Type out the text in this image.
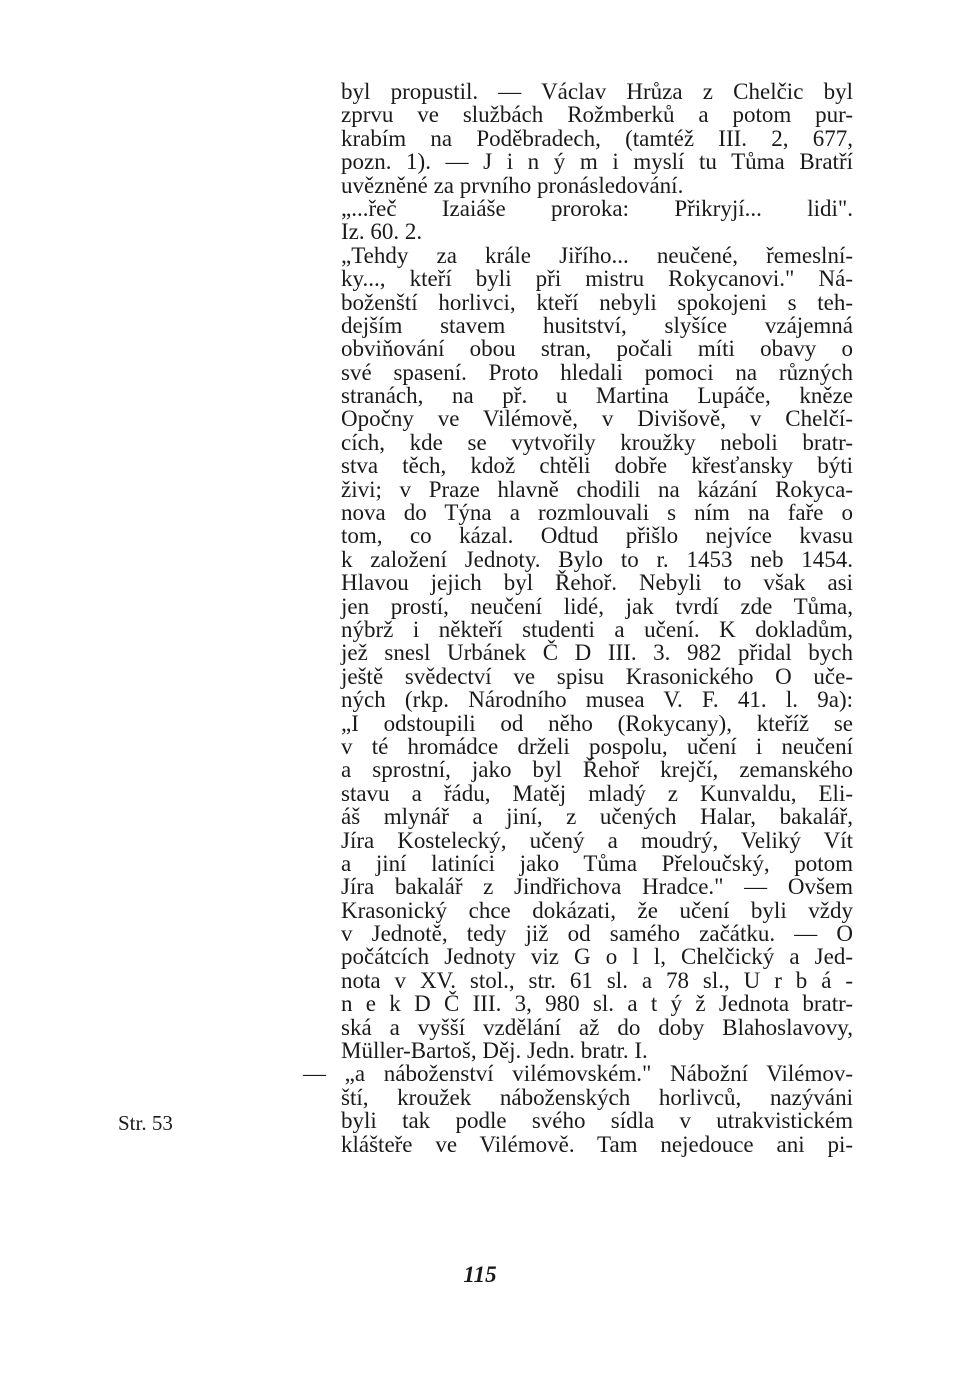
byl propustil. — Václav Hrůza z Chelčic byl
zprvu ve službách Rožmberků a potom pur-
krabím na Poděbradech, (tamtéž III. 2, 677,
pozn. 1). — J i n ý m i myslí tu Tůma Bratří
uvězněné za prvního pronásledování.
„...řeč Izaiáše proroka: Přikryjí... lidi".
Iz. 60. 2.
„Tehdy za krále Jiřího... neučené, řemeslní-
ky..., kteří byli při mistru Rokycanovi." Ná-
boženští horlivci, kteří nebyli spokojeni s teh-
dejším stavem husitství, slyšíce vzájemná
obviňování obou stran, počali míti obavy o
své spasení. Proto hledali pomoci na různých
stranách, na př. u Martina Lupáče, kněze
Opočny ve Vilémově, v Divišově, v Chelčí-
cích, kde se vytvořily kroužky neboli bratr-
stva těch, kdož chtěli dobře křesťansky býti
živi; v Praze hlavně chodili na kázání Rokyca-
nova do Týna a rozmlouvali s ním na faře o
tom, co kázal. Odtud přišlo nejvíce kvasu
k založení Jednoty. Bylo to r. 1453 neb 1454.
Hlavou jejich byl Řehoř. Nebyli to však asi
jen prostí, neučení lidé, jak tvrdí zde Tůma,
nýbrž i někteří studenti a učení. K dokladům,
jež snesl Urbánek Č D III. 3. 982 přidal bych
ještě svědectví ve spisu Krasonického O uče-
ných (rkp. Národního musea V. F. 41. l. 9a):
„I odstoupili od něho (Rokycany), kteříž se
v té hromádce drželi pospolu, učení i neučení
a sprostní, jako byl Řehoř krejčí, zemanského
stavu a řádu, Matěj mladý z Kunvaldu, Eli-
áš mlynář a jiní, z učených Halar, bakalář,
Jíra Kostelecký, učený a moudrý, Veliký Vít
a jiní latiníci jako Tůma Přeloučský, potom
Jíra bakalář z Jindřichova Hradce." — Ovšem
Krasonický chce dokázati, že učení byli vždy
v Jednotě, tedy již od samého začátku. — O
počátcích Jednoty viz G o l l, Chelčický a Jed-
nota v XV. stol., str. 61 sl. a 78 sl., U r b á -
n e k D Č III. 3, 980 sl. a t ý ž Jednota bratr-
ská a vyšší vzdělání až do doby Blahoslavovy,
Müller-Bartoš, Děj. Jedn. bratr. I.
— „a náboženství vilémovském." Nábožní Vilémov-
ští, kroužek náboženských horlivců, nazýváni
byli tak podle svého sídla v utrakvistickém
klášteře ve Vilémově. Tam nejedouce ani pi-
Str. 53
115
